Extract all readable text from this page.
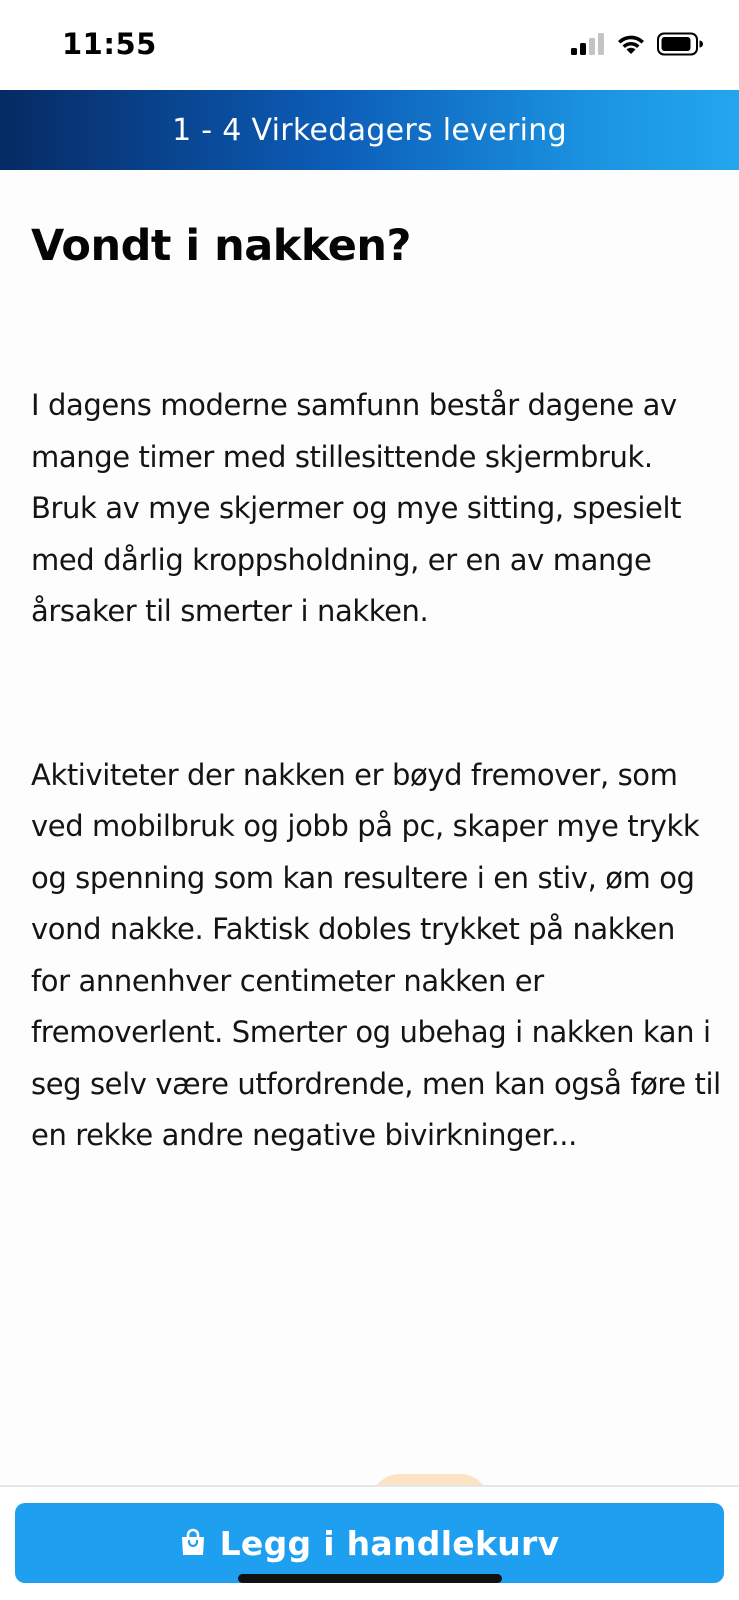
11:55
1 - 4 Virkedagers levering
Vondt i nakken?

I dagens moderne samfunn består dagene av mange timer med stillesittende skjermbruk. Bruk av mye skjermer og mye sitting, spesielt med dårlig kroppsholdning, er en av mange årsaker til smerter i nakken.

Aktiviteter der nakken er bøyd fremover, som ved mobilbruk og jobb på pc, skaper mye trykk og spenning som kan resultere i en stiv, øm og vond nakke. Faktisk dobles trykket på nakken for annenhver centimeter nakken er fremoverlent. Smerter og ubehag i nakken kan i seg selv være utfordrende, men kan også føre til en rekke andre negative bivirkninger...

Legg i handlekurv
